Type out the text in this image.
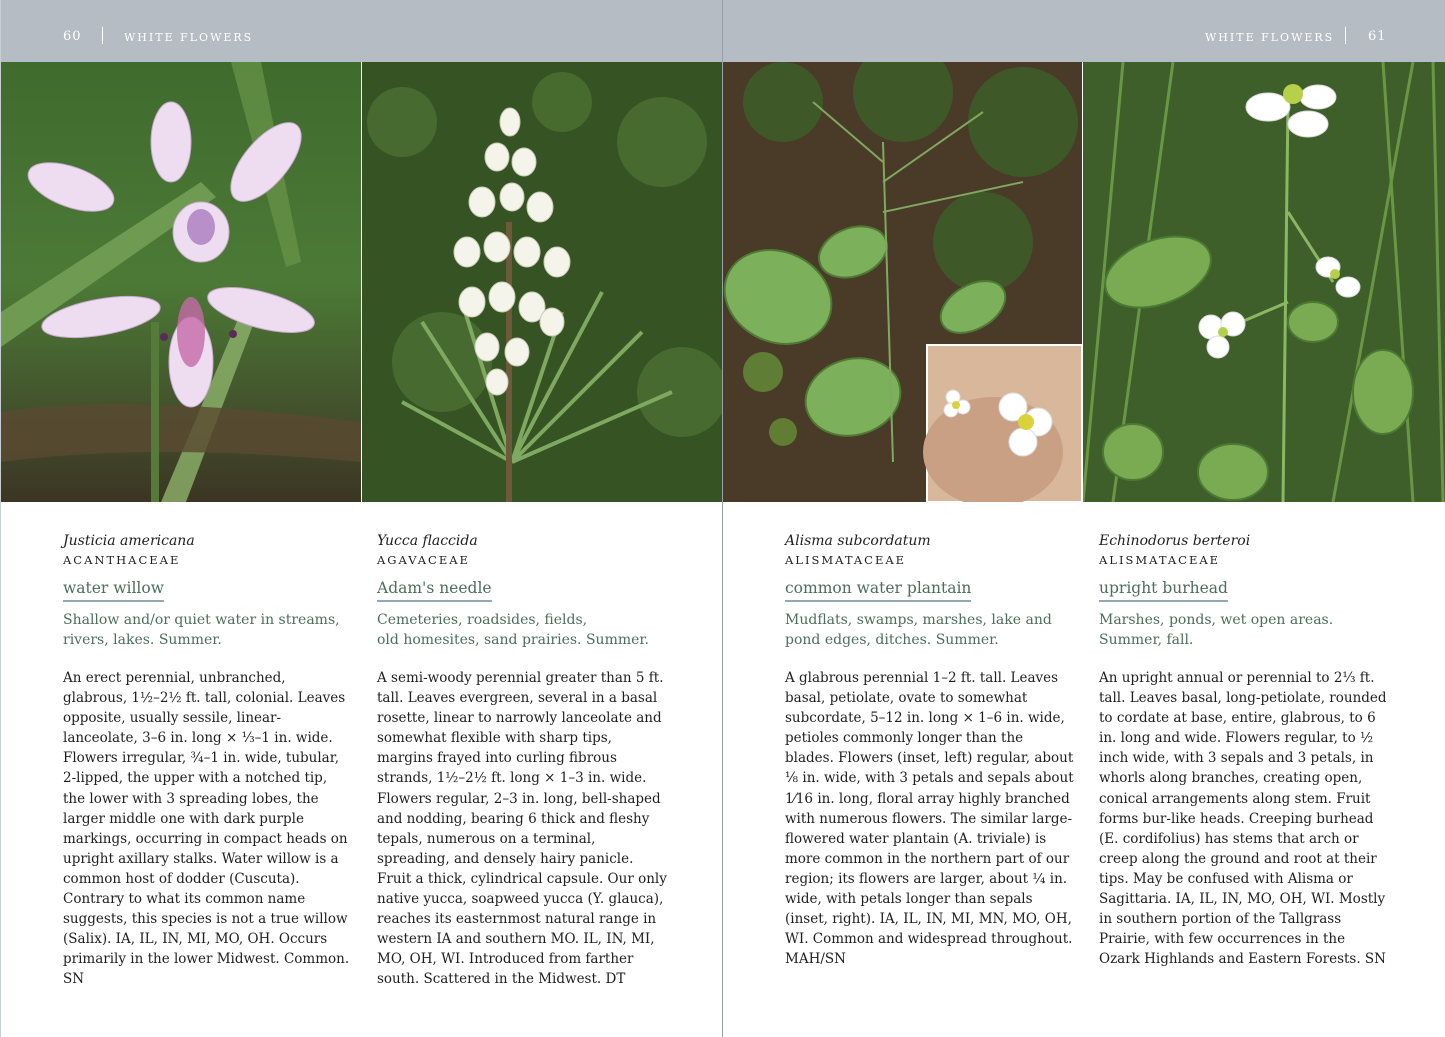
60	WHITE FLOWERS

Justicia americana

ACANTHACEAE

water willow
Shallow and/or quiet water in streams,
rivers, lakes. Summer.
An erect perennial, unbranched, glabrous, 1½–2½ ft. tall, colonial. Leaves opposite, usually sessile, linear-lanceolate, 3–6 in. long × ⅓–1 in. wide. Flowers irregular, ¾–1 in. wide, tubular, 2-lipped, the upper with a notched tip, the lower with 3 spreading lobes, the larger middle one with dark purple markings, occurring in compact heads on upright axillary stalks. Water willow is a common host of dodder (Cuscuta). Contrary to what its common name suggests, this species is not a true willow (Salix). IA, IL, IN, MI, MO, OH. Occurs primarily in the lower Midwest. Common. SN

Yucca flaccida

AGAVACEAE

Adam's needle
Cemeteries, roadsides, fields,
old homesites, sand prairies. Summer.
A semi-woody perennial greater than 5 ft. tall. Leaves evergreen, several in a basal rosette, linear to narrowly lanceolate and somewhat flexible with sharp tips, margins frayed into curling fibrous strands, 1½–2½ ft. long × 1–3 in. wide. Flowers regular, 2–3 in. long, bell-shaped and nodding, bearing 6 thick and fleshy tepals, numerous on a terminal, spreading, and densely hairy panicle. Fruit a thick, cylindrical capsule. Our only native yucca, soapweed yucca (Y. glauca), reaches its easternmost natural range in western IA and southern MO. IL, IN, MI, MO, OH, WI. Introduced from farther south. Scattered in the Midwest. DT
WHITE FLOWERS	61

Alisma subcordatum

ALISMATACEAE

common water plantain
Mudflats, swamps, marshes, lake and
pond edges, ditches. Summer.
A glabrous perennial 1–2 ft. tall. Leaves basal, petiolate, ovate to somewhat subcordate, 5–12 in. long × 1–6 in. wide, petioles commonly longer than the blades. Flowers (inset, left) regular, about ⅛ in. wide, with 3 petals and sepals about 1⁄16 in. long, floral array highly branched with numerous flowers. The similar large-flowered water plantain (A. triviale) is more common in the northern part of our region; its flowers are larger, about ¼ in. wide, with petals longer than sepals (inset, right). IA, IL, IN, MI, MN, MO, OH, WI. Common and widespread throughout. MAH/SN

Echinodorus berteroi

ALISMATACEAE

upright burhead
Marshes, ponds, wet open areas.
Summer, fall.
An upright annual or perennial to 2⅓ ft. tall. Leaves basal, long-petiolate, rounded to cordate at base, entire, glabrous, to 6 in. long and wide. Flowers regular, to ½ inch wide, with 3 sepals and 3 petals, in whorls along branches, creating open, conical arrangements along stem. Fruit forms bur-like heads. Creeping burhead (E. cordifolius) has stems that arch or creep along the ground and root at their tips. May be confused with Alisma or Sagittaria. IA, IL, IN, MO, OH, WI. Mostly in southern portion of the Tallgrass Prairie, with few occurrences in the Ozark Highlands and Eastern Forests. SN
